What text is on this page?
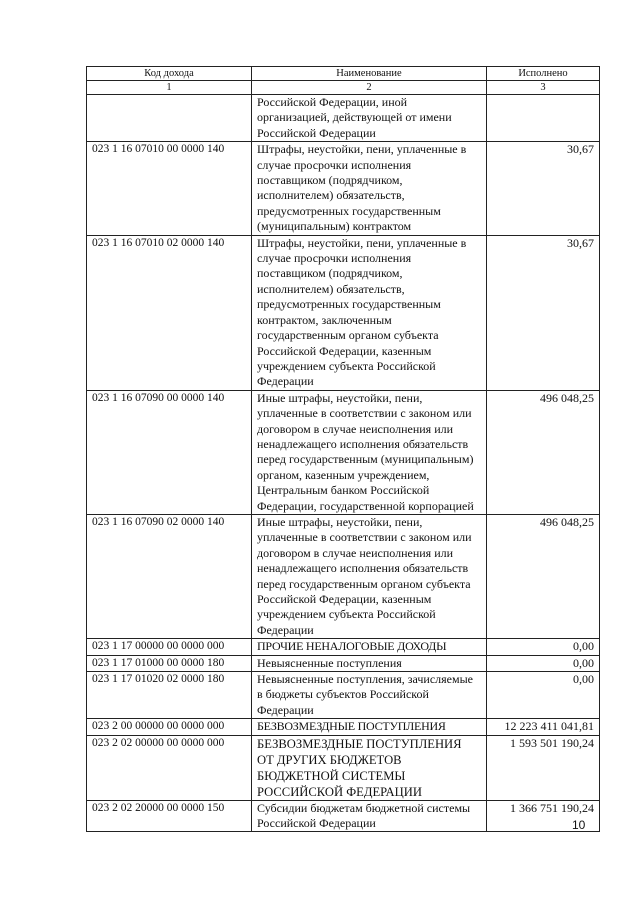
Код дохода	Наименование	Исполнено
1	2	3
	Российской Федерации, иной организацией, действующей от имени Российской Федерации	
023 1 16 07010 00 0000 140	Штрафы, неустойки, пени, уплаченные в случае просрочки исполнения поставщиком (подрядчиком, исполнителем) обязательств, предусмотренных государственным (муниципальным) контрактом	30,67
023 1 16 07010 02 0000 140	Штрафы, неустойки, пени, уплаченные в случае просрочки исполнения поставщиком (подрядчиком, исполнителем) обязательств, предусмотренных государственным контрактом, заключенным государственным органом субъекта Российской Федерации, казенным учреждением субъекта Российской Федерации	30,67
023 1 16 07090 00 0000 140	Иные штрафы, неустойки, пени, уплаченные в соответствии с законом или договором в случае неисполнения или ненадлежащего исполнения обязательств перед государственным (муниципальным) органом, казенным учреждением, Центральным банком Российской Федерации, государственной корпорацией	496 048,25
023 1 16 07090 02 0000 140	Иные штрафы, неустойки, пени, уплаченные в соответствии с законом или договором в случае неисполнения или ненадлежащего исполнения обязательств перед государственным органом субъекта Российской Федерации, казенным учреждением субъекта Российской Федерации	496 048,25
023 1 17 00000 00 0000 000	ПРОЧИЕ НЕНАЛОГОВЫЕ ДОХОДЫ	0,00
023 1 17 01000 00 0000 180	Невыясненные поступления	0,00
023 1 17 01020 02 0000 180	Невыясненные поступления, зачисляемые в бюджеты субъектов Российской Федерации	0,00
023 2 00 00000 00 0000 000	БЕЗВОЗМЕЗДНЫЕ ПОСТУПЛЕНИЯ	12 223 411 041,81
023 2 02 00000 00 0000 000	БЕЗВОЗМЕЗДНЫЕ ПОСТУПЛЕНИЯ ОТ ДРУГИХ БЮДЖЕТОВ БЮДЖЕТНОЙ СИСТЕМЫ РОССИЙСКОЙ ФЕДЕРАЦИИ	1 593 501 190,24
023 2 02 20000 00 0000 150	Субсидии бюджетам бюджетной системы Российской Федерации	1 366 751 190,24
10
